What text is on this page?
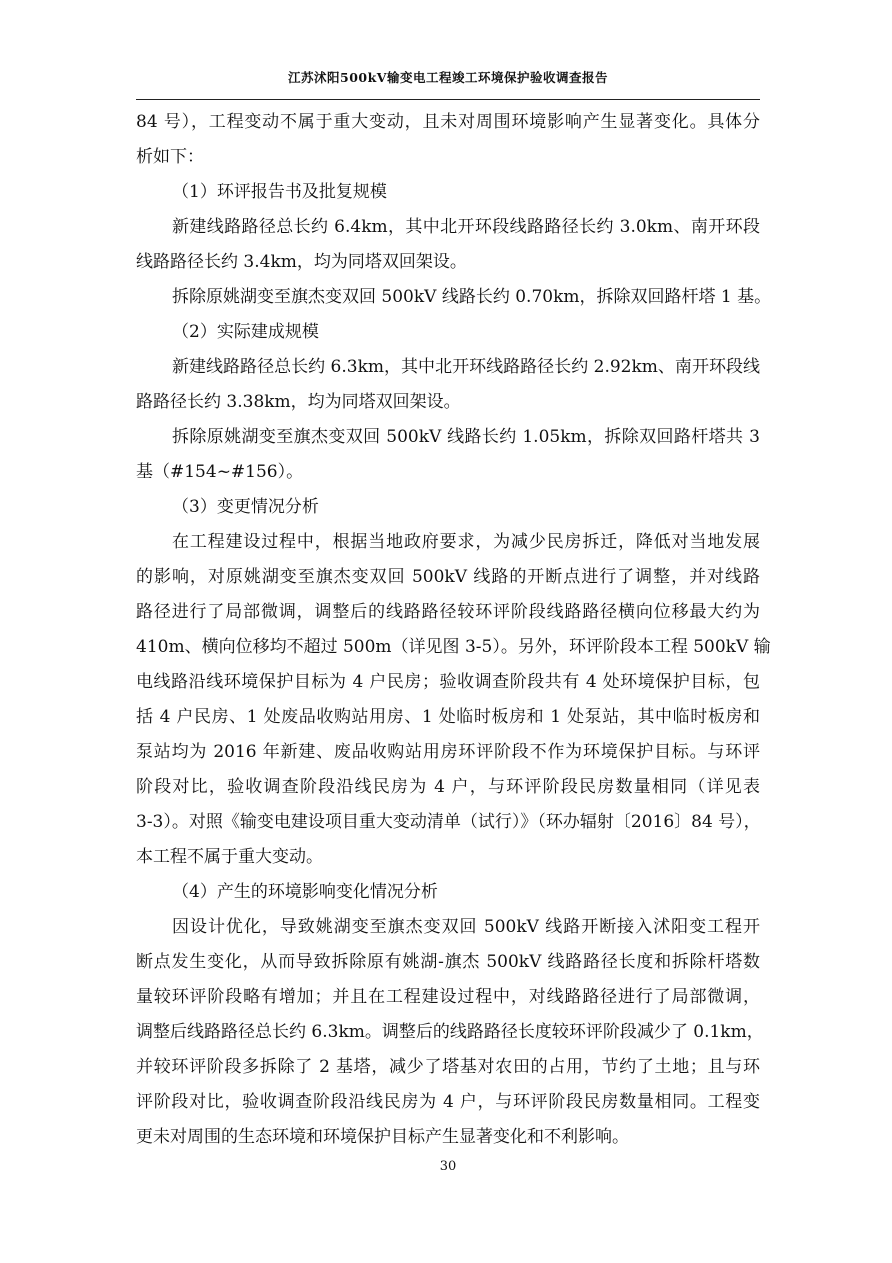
江苏沭阳500kV输变电工程竣工环境保护验收调查报告
84 号），工程变动不属于重大变动，且未对周围环境影响产生显著变化。具体分
析如下：
（1）环评报告书及批复规模
新建线路路径总长约 6.4km，其中北开环段线路路径长约 3.0km、南开环段
线路路径长约 3.4km，均为同塔双回架设。
拆除原姚湖变至旗杰变双回 500kV 线路长约 0.70km，拆除双回路杆塔 1 基。
（2）实际建成规模
新建线路路径总长约 6.3km，其中北开环线路路径长约 2.92km、南开环段线
路路径长约 3.38km，均为同塔双回架设。
拆除原姚湖变至旗杰变双回 500kV 线路长约 1.05km，拆除双回路杆塔共 3
基（#154~#156）。
（3）变更情况分析
在工程建设过程中，根据当地政府要求，为减少民房拆迁，降低对当地发展
的影响，对原姚湖变至旗杰变双回 500kV 线路的开断点进行了调整，并对线路
路径进行了局部微调，调整后的线路路径较环评阶段线路路径横向位移最大约为
410m、横向位移均不超过 500m（详见图 3-5）。另外，环评阶段本工程 500kV 输
电线路沿线环境保护目标为 4 户民房；验收调查阶段共有 4 处环境保护目标，包
括 4 户民房、1 处废品收购站用房、1 处临时板房和 1 处泵站，其中临时板房和
泵站均为 2016 年新建、废品收购站用房环评阶段不作为环境保护目标。与环评
阶段对比，验收调查阶段沿线民房为 4 户，与环评阶段民房数量相同（详见表
3-3）。对照《输变电建设项目重大变动清单（试行）》（环办辐射〔2016〕84 号），
本工程不属于重大变动。
（4）产生的环境影响变化情况分析
因设计优化，导致姚湖变至旗杰变双回 500kV 线路开断接入沭阳变工程开
断点发生变化，从而导致拆除原有姚湖-旗杰 500kV 线路路径长度和拆除杆塔数
量较环评阶段略有增加；并且在工程建设过程中，对线路路径进行了局部微调，
调整后线路路径总长约 6.3km。调整后的线路路径长度较环评阶段减少了 0.1km，
并较环评阶段多拆除了 2 基塔，减少了塔基对农田的占用，节约了土地；且与环
评阶段对比，验收调查阶段沿线民房为 4 户，与环评阶段民房数量相同。工程变
更未对周围的生态环境和环境保护目标产生显著变化和不利影响。
30
